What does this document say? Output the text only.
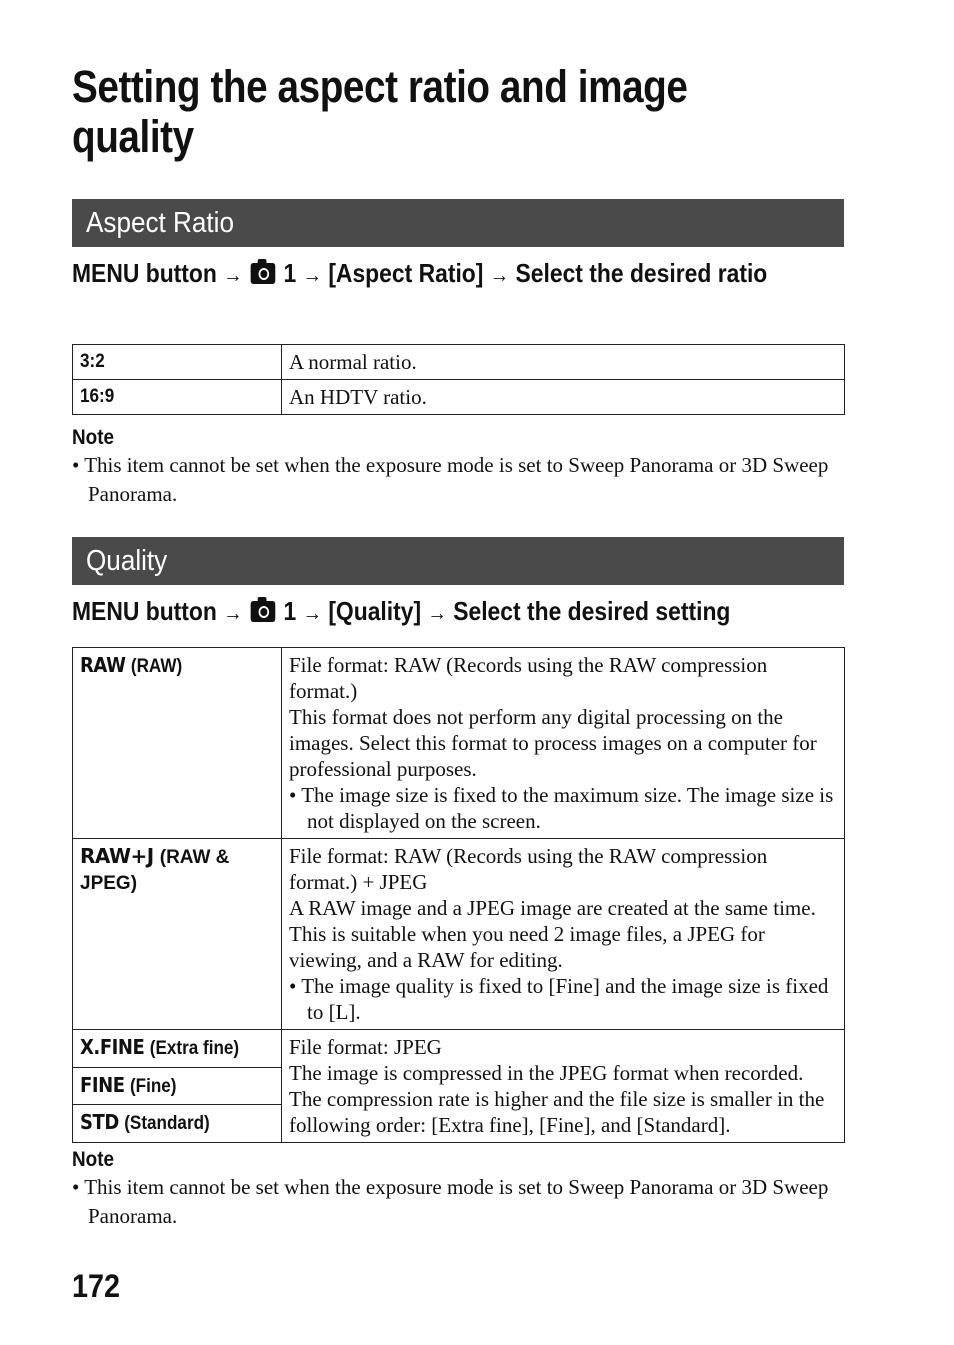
Setting the aspect ratio and image quality
Aspect Ratio
MENU button → 1 → [Aspect Ratio] → Select the desired ratio
3:2	A normal ratio.
16:9	An HDTV ratio.
Note
• This item cannot be set when the exposure mode is set to Sweep Panorama or 3D Sweep Panorama.
Quality
MENU button → 1 → [Quality] → Select the desired setting
RAW (RAW)	File format: RAW (Records using the RAW compression format.)
This format does not perform any digital processing on the images. Select this format to process images on a computer for professional purposes.
• The image size is fixed to the maximum size. The image size is not displayed on the screen.

RAW+J (RAW & JPEG)	File format: RAW (Records using the RAW compression format.) + JPEG
A RAW image and a JPEG image are created at the same time. This is suitable when you need 2 image files, a JPEG for viewing, and a RAW for editing.
• The image quality is fixed to [Fine] and the image size is fixed to [L].

X.FINE (Extra fine)	File format: JPEG
The image is compressed in the JPEG format when recorded. The compression rate is higher and the file size is smaller in the following order: [Extra fine], [Fine], and [Standard].

FINE (Fine)	
STD (Standard)	
Note
• This item cannot be set when the exposure mode is set to Sweep Panorama or 3D Sweep Panorama.
172
